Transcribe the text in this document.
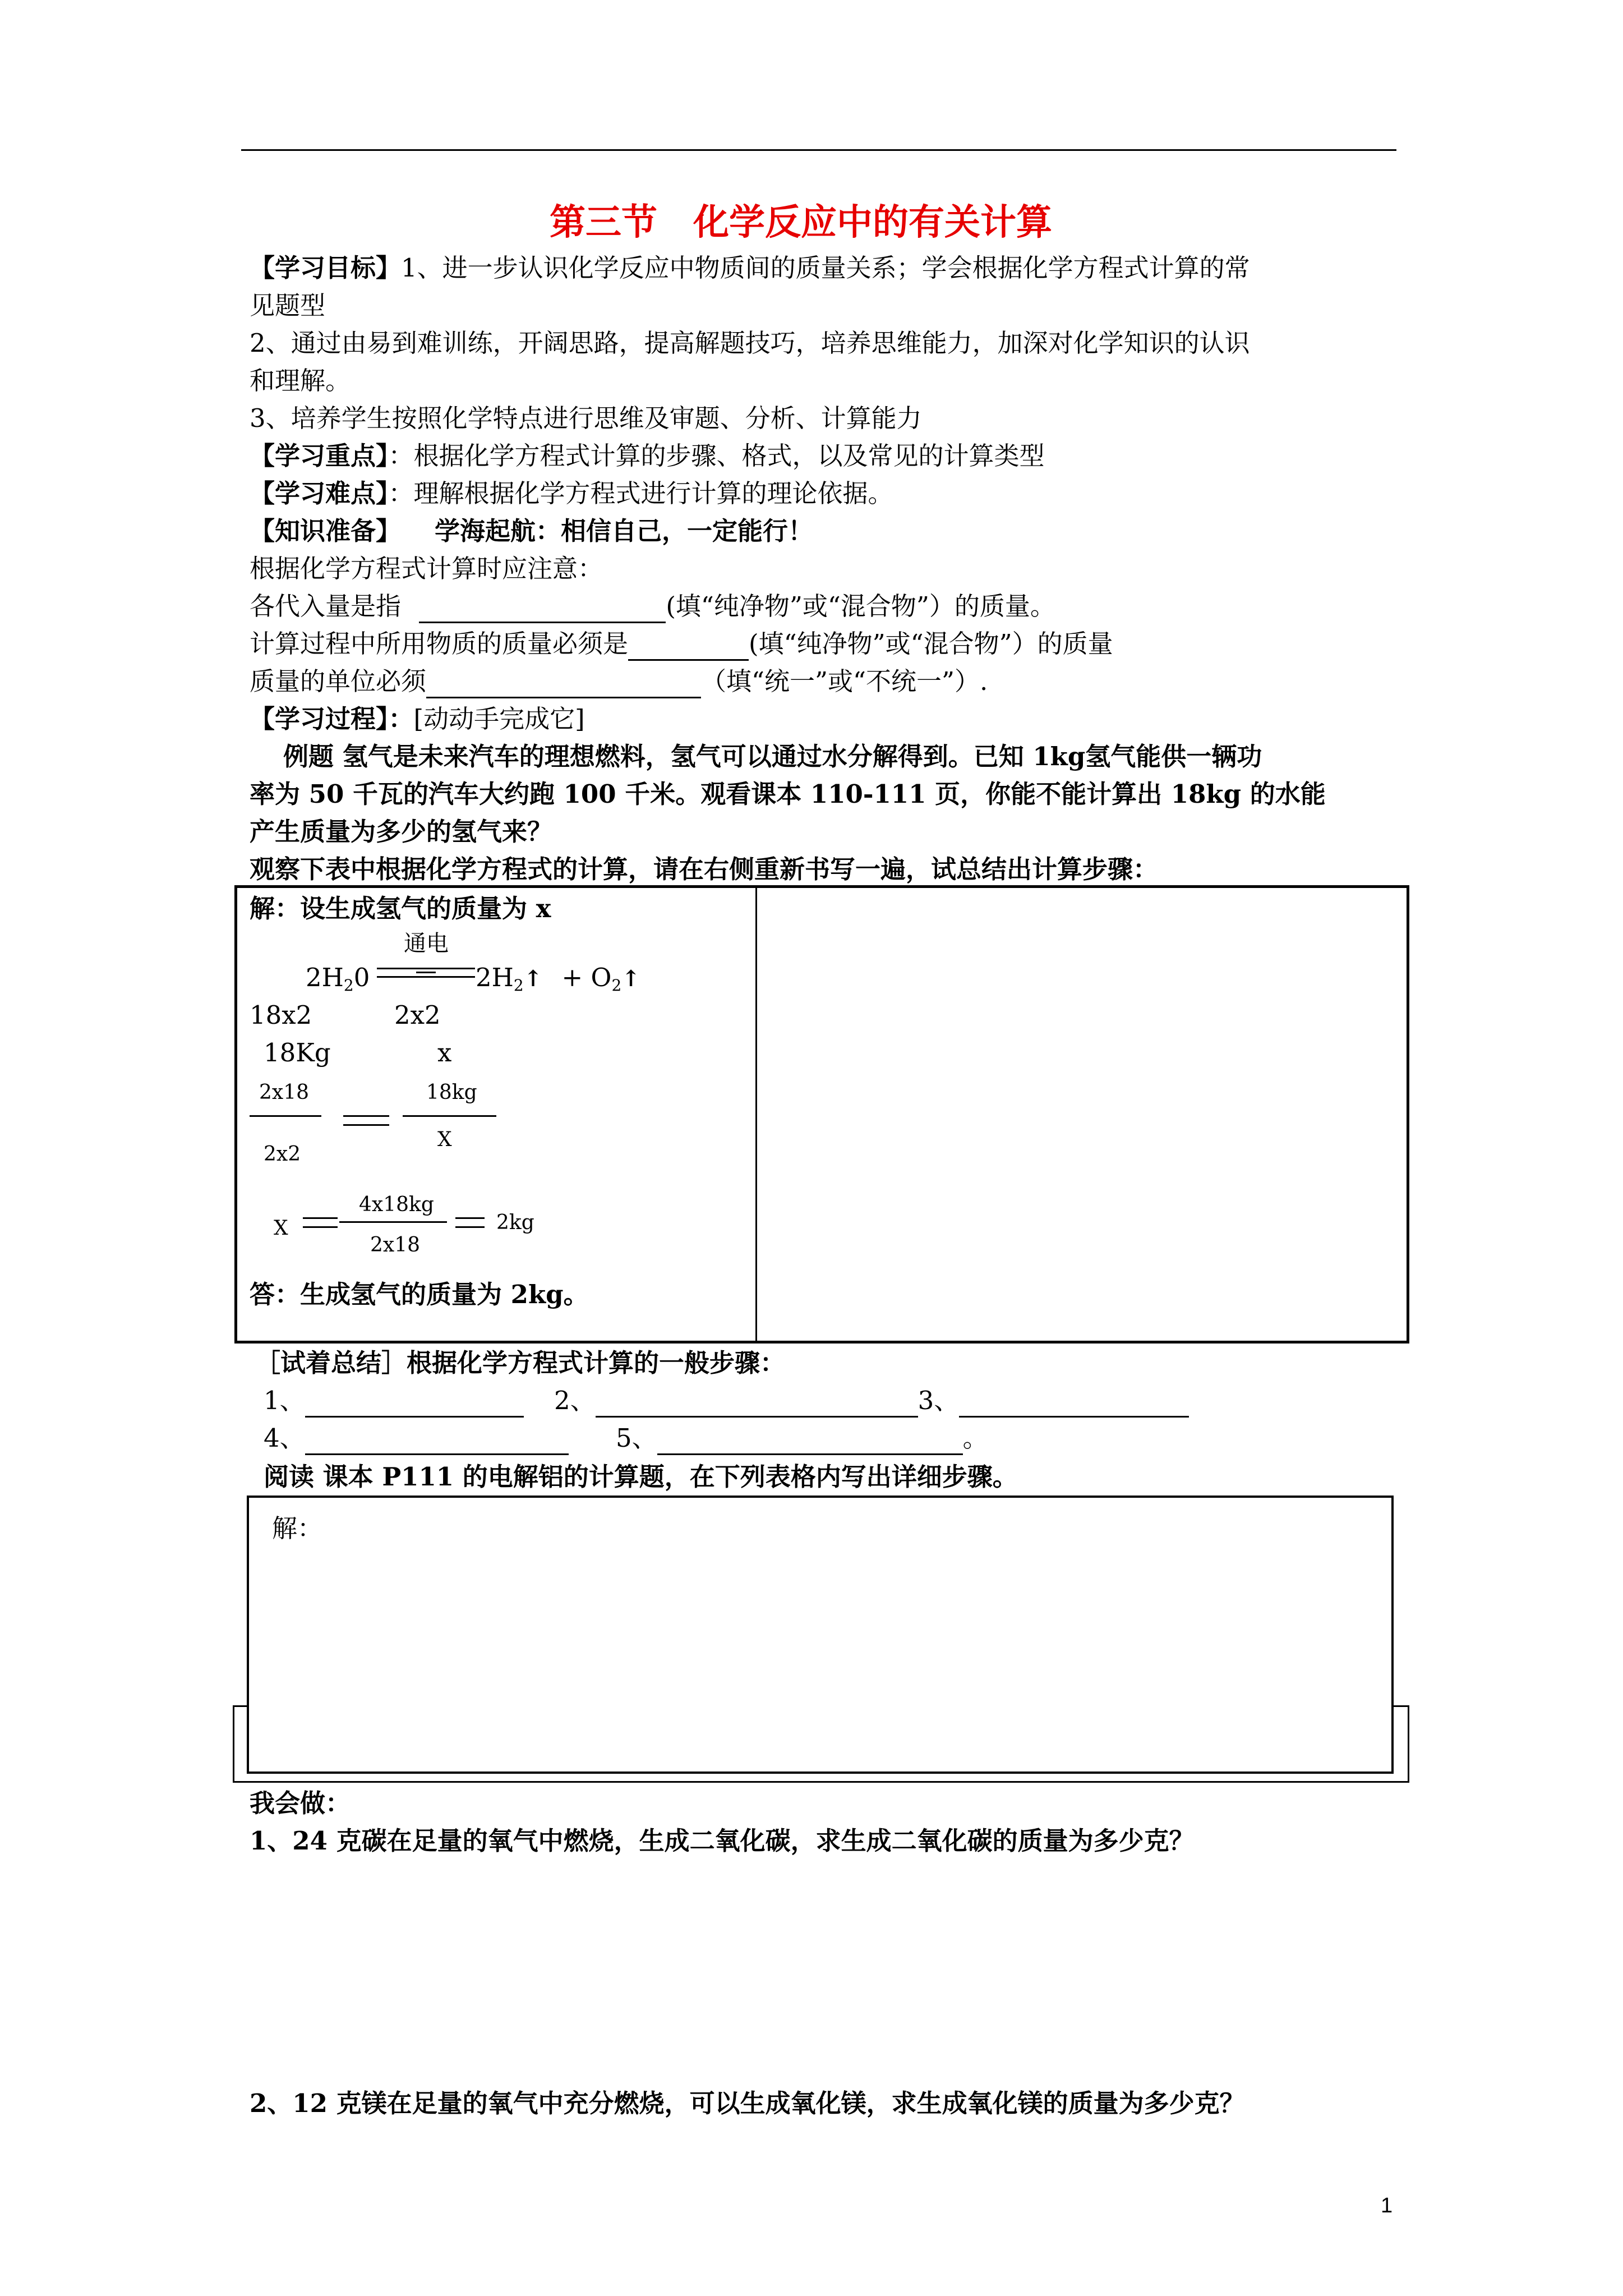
第三节　化学反应中的有关计算
【学习目标】1、进一步认识化学反应中物质间的质量关系；学会根据化学方程式计算的常
见题型
2、通过由易到难训练，开阔思路，提高解题技巧，培养思维能力，加深对化学知识的认识
和理解。
3、培养学生按照化学特点进行思维及审题、分析、计算能力
【学习重点】：根据化学方程式计算的步骤、格式，以及常见的计算类型
【学习难点】：理解根据化学方程式进行计算的理论依据。
【知识准备】 学海起航：相信自己，一定能行！
根据化学方程式计算时应注意：
各代入量是指	(填“纯净物”或“混合物”）的质量。
计算过程中所用物质的质量必须是	(填“纯净物”或“混合物”）的质量
质量的单位必须	（填“统一”或“不统一”）.
【学习过程】：[动动手完成它]
例题 氢气是未来汽车的理想燃料，氢气可以通过水分解得到。已知 1kg氢气能供一辆功
率为 50 千瓦的汽车大约跑 100 千米。观看课本 110-111 页，你能不能计算出 18kg 的水能
产生质量为多少的氢气来？
观察下表中根据化学方程式的计算，请在右侧重新书写一遍，试总结出计算步骤：
解：设生成氢气的质量为 x
通电
$2H_20$	$2H_2↑$ + $O_2↑$
18x2	2x2
18Kg	x
2x18
2x2
18kg
X
X
4x18kg
2x18
2kg
答：生成氢气的质量为 2kg。
［试着总结］根据化学方程式计算的一般步骤：
1、	2、	3、
4、	5、	。
阅读 课本 P111 的电解铝的计算题，在下列表格内写出详细步骤。
解：
我会做：
1、24 克碳在足量的氧气中燃烧，生成二氧化碳，求生成二氧化碳的质量为多少克？
2、12 克镁在足量的氧气中充分燃烧，可以生成氧化镁，求生成氧化镁的质量为多少克？
1
